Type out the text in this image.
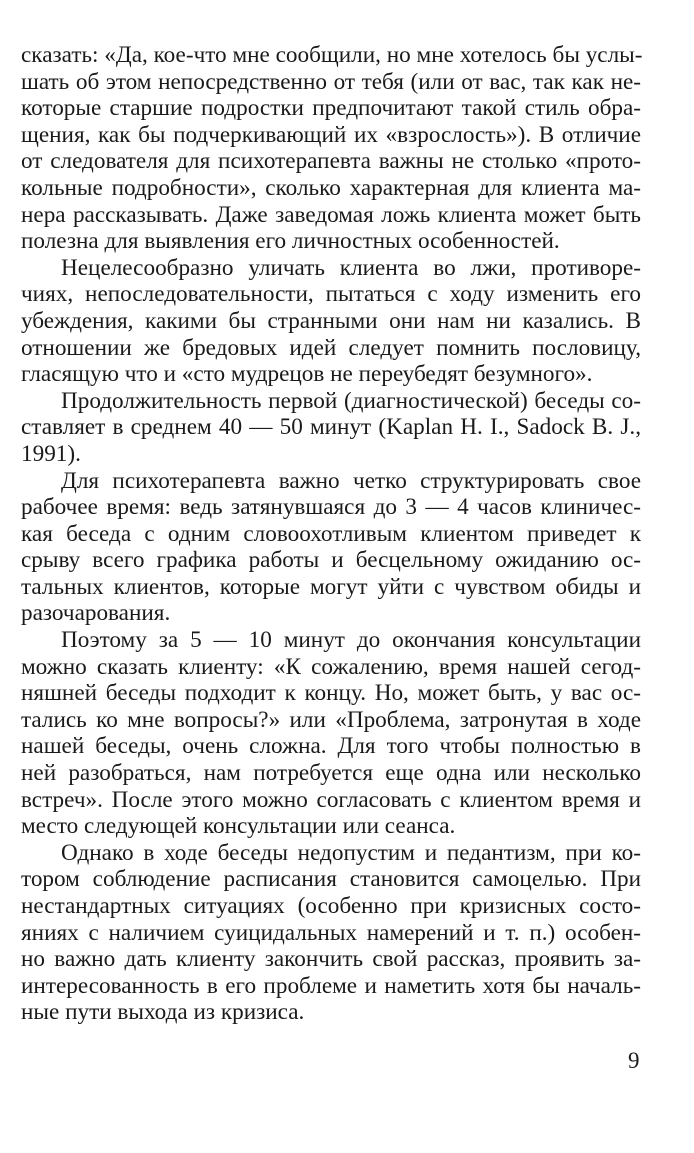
сказать: «Да, кое-что мне сообщили, но мне хотелось бы услы-
шать об этом непосредственно от тебя (или от вас, так как не-
которые старшие подростки предпочитают такой стиль обра-
щения, как бы подчеркивающий их «взрослость»). В отличие
от следователя для психотерапевта важны не столько «прото-
кольные подробности», сколько характерная для клиента ма-
нера рассказывать. Даже заведомая ложь клиента может быть
полезна для выявления его личностных особенностей.
Нецелесообразно уличать клиента во лжи, противоре-
чиях, непоследовательности, пытаться с ходу изменить его
убеждения, какими бы странными они нам ни казались. В
отношении же бредовых идей следует помнить пословицу,
гласящую что и «сто мудрецов не переубедят безумного».
Продолжительность первой (диагностической) беседы со-
ставляет в среднем 40 — 50 минут (Kaplan H. I., Sadock B. J.,
1991).
Для психотерапевта важно четко структурировать свое
рабочее время: ведь затянувшаяся до 3 — 4 часов клиничес-
кая беседа с одним словоохотливым клиентом приведет к
срыву всего графика работы и бесцельному ожиданию ос-
тальных клиентов, которые могут уйти с чувством обиды и
разочарования.
Поэтому за 5 — 10 минут до окончания консультации
можно сказать клиенту: «К сожалению, время нашей сегод-
няшней беседы подходит к концу. Но, может быть, у вас ос-
тались ко мне вопросы?» или «Проблема, затронутая в ходе
нашей беседы, очень сложна. Для того чтобы полностью в
ней разобраться, нам потребуется еще одна или несколько
встреч». После этого можно согласовать с клиентом время и
место следующей консультации или сеанса.
Однако в ходе беседы недопустим и педантизм, при ко-
тором соблюдение расписания становится самоцелью. При
нестандартных ситуациях (особенно при кризисных состо-
яниях с наличием суицидальных намерений и т. п.) особен-
но важно дать клиенту закончить свой рассказ, проявить за-
интересованность в его проблеме и наметить хотя бы началь-
ные пути выхода из кризиса.
9
